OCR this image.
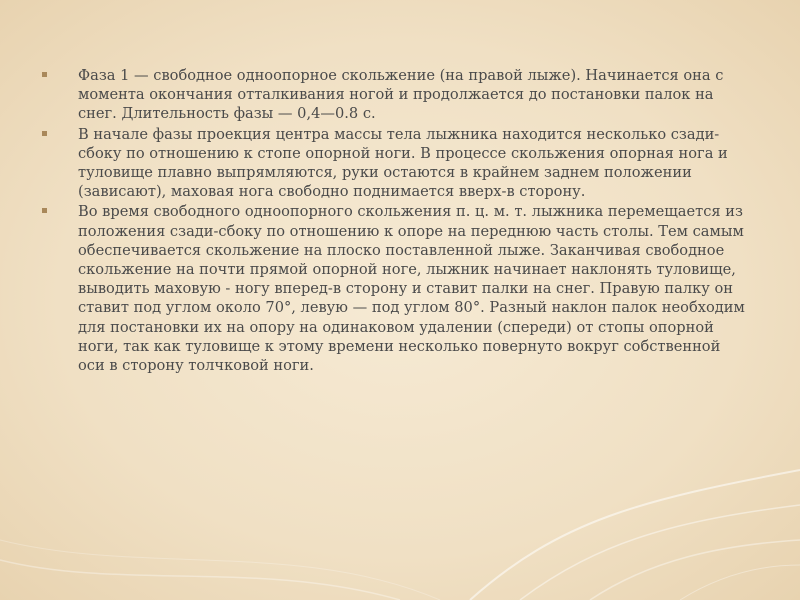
Фаза 1 — свободное одноопорное скольжение (на правой лыже). Начинается она с момента окончания отталкивания ногой и продолжается до постановки палок на снег. Длительность фазы — 0,4—0.8 с.
В начале фазы проекция центра массы тела лыжника находится несколько сзади-сбоку по отношению к стопе опорной ноги. В процессе скольжения опорная нога и туловище плавно выпрямляются, руки остаются в крайнем заднем положении (зависают), маховая нога свободно поднимается вверх-в сторону.
Во время свободного одноопорного скольжения п. ц. м. т. лыжника перемещается из положения сзади-сбоку по отношению к опоре на переднюю часть столы. Тем самым обеспечивается скольжение на плоско поставленной лыже. Заканчивая свободное скольжение на почти прямой опорной ноге, лыжник начинает наклонять туловище, выводить маховую - ногу вперед-в сторону и ставит палки на снег. Правую палку он ставит под углом около 70°, левую — под углом 80°. Разный наклон палок необходим для постановки их на опору на одинаковом удалении (спереди) от стопы опорной ноги, так как туловище к этому времени несколько повернуто вокруг собственной оси в сторону толчковой ноги.
